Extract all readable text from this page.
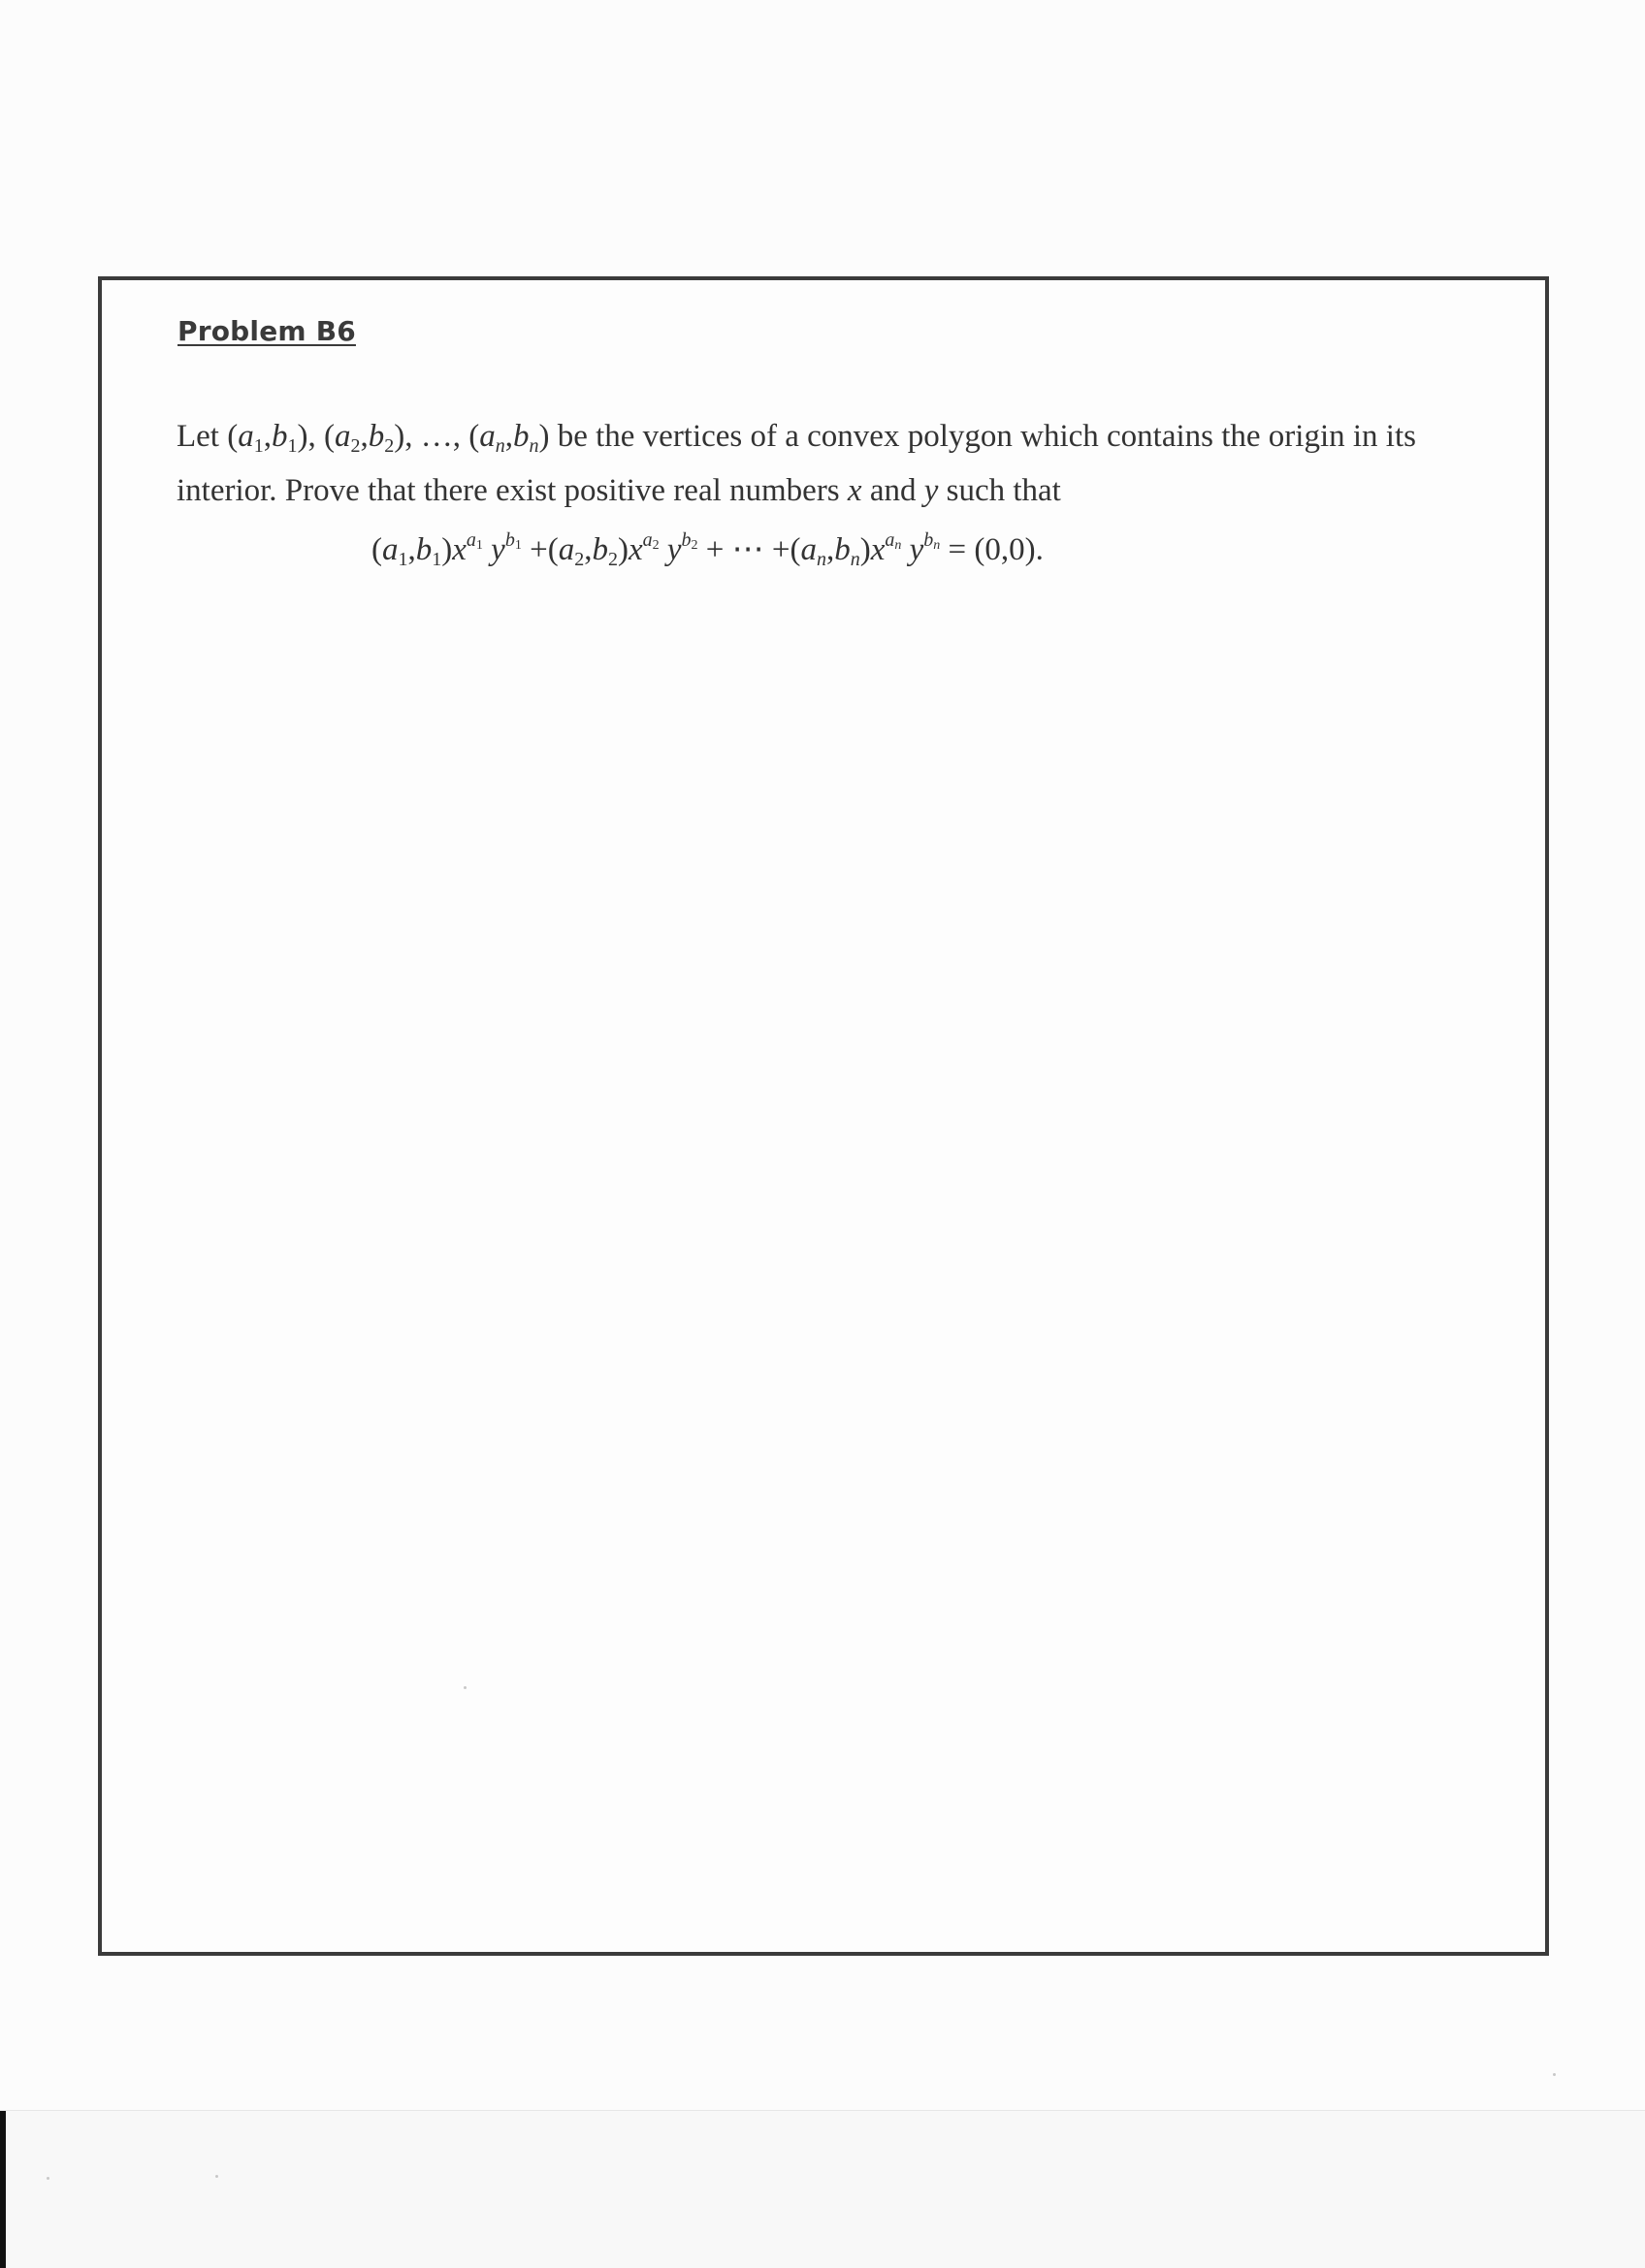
Problem B6

Let $(a_1,b_1)$, $(a_2,b_2)$, …, $(a_n,b_n)$ be the vertices of a convex polygon which contains the origin in its interior. Prove that there exist positive real numbers x and y such that

$(a_1,b_1)x^{a_1}$ $y^{b_1} +(a_2,b_2)x^{a_2}$ $y^{b_2}$ + ⋯ $+(a_n,b_n)x^{a_n}$ $y^{b_n} = (0,0)$.
